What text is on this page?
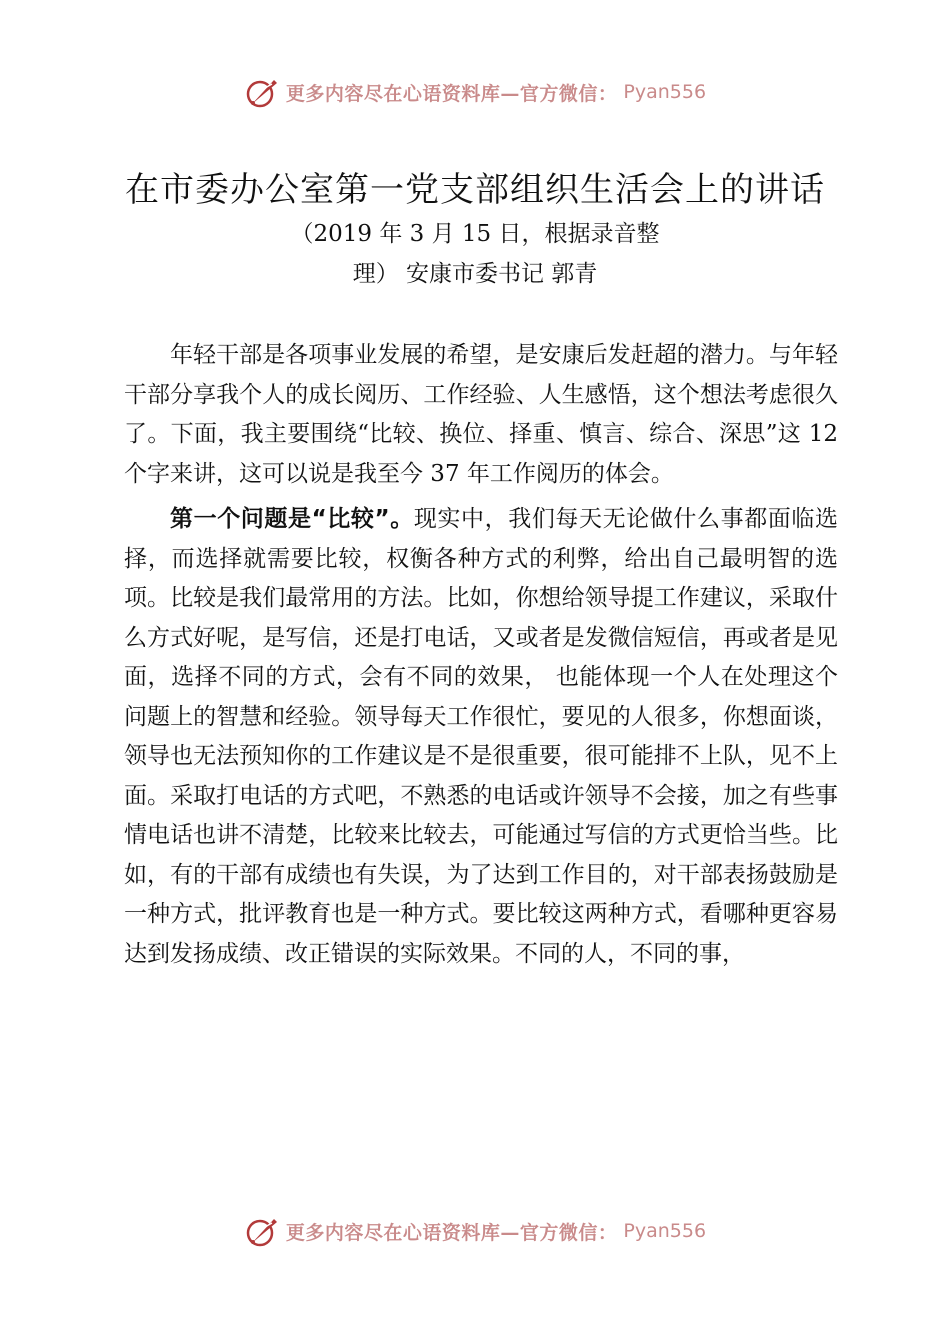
更多内容尽在心语资料库—官方微信： Pyan556
在市委办公室第一党支部组织生活会上的讲话
（2019 年 3 月 15 日，根据录音整理） 安康市委书记 郭青

年轻干部是各项事业发展的希望，是安康后发赶超的潜力。与年轻干部分享我个人的成长阅历、工作经验、人生感悟，这个想法考虑很久了。下面，我主要围绕“比较、换位、择重、慎言、综合、深思”这 12 个字来讲，这可以说是我至今 37 年工作阅历的体会。

第一个问题是“比较”。现实中，我们每天无论做什么事都面临选择，而选择就需要比较，权衡各种方式的利弊，给出自己最明智的选项。比较是我们最常用的方法。比如，你想给领导提工作建议，采取什么方式好呢，是写信，还是打电话，又或者是发微信短信，再或者是见面，选择不同的方式，会有不同的效果， 也能体现一个人在处理这个问题上的智慧和经验。领导每天工作很忙，要见的人很多，你想面谈，领导也无法预知你的工作建议是不是很重要，很可能排不上队，见不上面。采取打电话的方式吧，不熟悉的电话或许领导不会接，加之有些事情电话也讲不清楚，比较来比较去，可能通过写信的方式更恰当些。比如，有的干部有成绩也有失误，为了达到工作目的，对干部表扬鼓励是一种方式，批评教育也是一种方式。要比较这两种方式，看哪种更容易达到发扬成绩、改正错误的实际效果。不同的人，不同的事，

更多内容尽在心语资料库—官方微信： Pyan556
